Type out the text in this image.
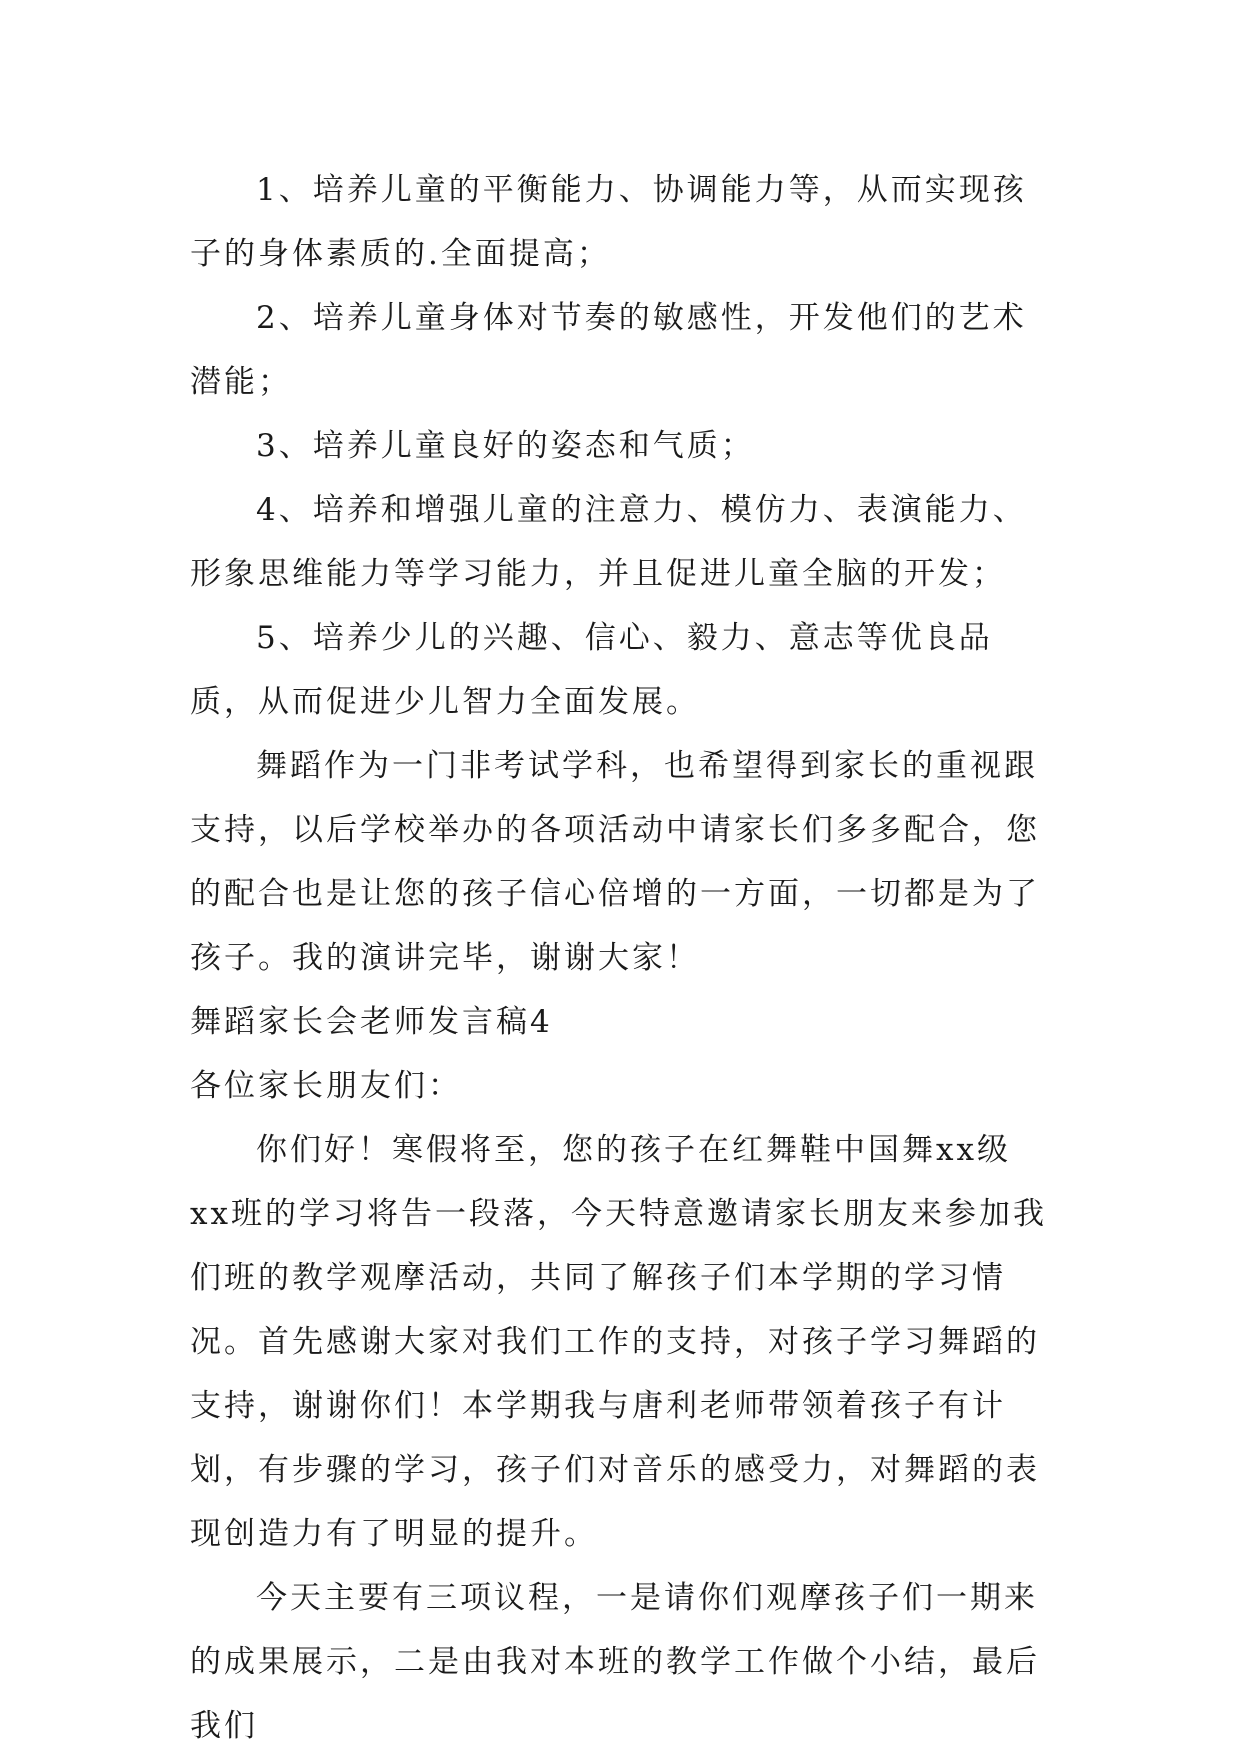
1、培养儿童的平衡能力、协调能力等，从而实现孩子的身体素质的.全面提高；

2、培养儿童身体对节奏的敏感性，开发他们的艺术潜能；

3、培养儿童良好的姿态和气质；

4、培养和增强儿童的注意力、模仿力、表演能力、形象思维能力等学习能力，并且促进儿童全脑的开发；

5、培养少儿的兴趣、信心、毅力、意志等优良品质，从而促进少儿智力全面发展。

舞蹈作为一门非考试学科，也希望得到家长的重视跟支持，以后学校举办的各项活动中请家长们多多配合，您的配合也是让您的孩子信心倍增的一方面，一切都是为了孩子。我的演讲完毕，谢谢大家！

舞蹈家长会老师发言稿4

各位家长朋友们：

你们好！寒假将至，您的孩子在红舞鞋中国舞xx级xx班的学习将告一段落，今天特意邀请家长朋友来参加我们班的教学观摩活动，共同了解孩子们本学期的学习情况。首先感谢大家对我们工作的支持，对孩子学习舞蹈的支持，谢谢你们！本学期我与唐利老师带领着孩子有计划，有步骤的学习，孩子们对音乐的感受力，对舞蹈的表现创造力有了明显的提升。

今天主要有三项议程，一是请你们观摩孩子们一期来的成果展示，二是由我对本班的教学工作做个小结，最后我们
